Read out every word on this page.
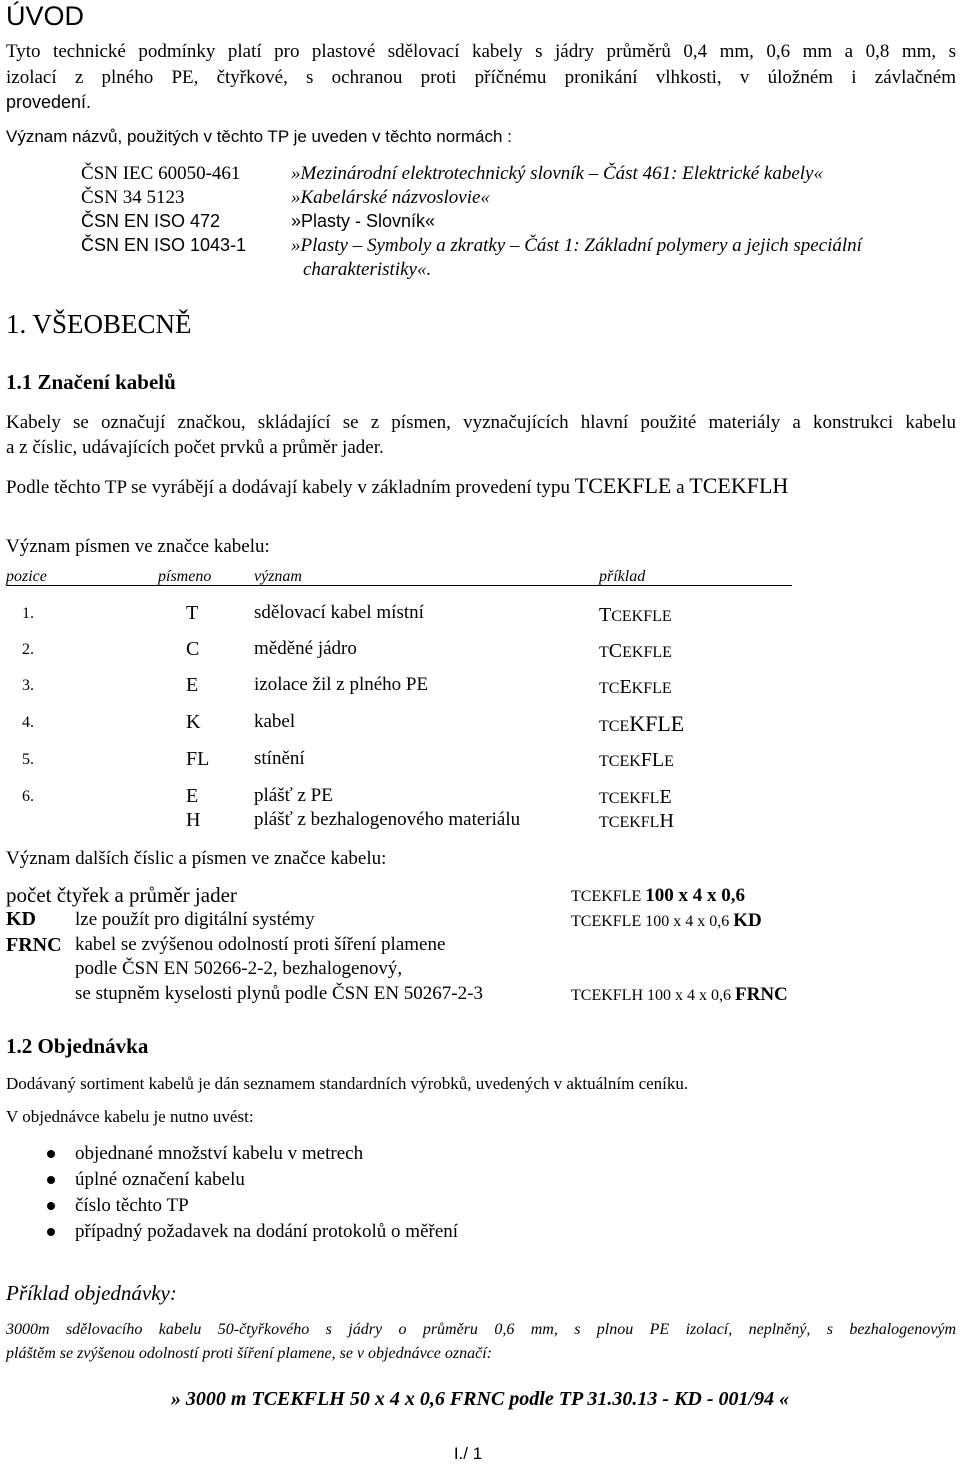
ÚVOD
Tyto technické podmínky platí pro plastové sdělovací kabely s jádry průměrů 0,4 mm, 0,6 mm a 0,8 mm, s
izolací z plného PE, čtyřkové, s ochranou proti příčnému pronikání vlhkosti, v úložném i závlačném
provedení.
Význam názvů, použitých v těchto TP je uveden v těchto normách :
ČSN IEC 60050-461	»Mezinárodní elektrotechnický slovník – Část 461: Elektrické kabely«
ČSN 34 5123	»Kabelárské názvoslovie«
ČSN EN ISO 472	»Plasty - Slovník«
ČSN EN ISO 1043-1 »Plasty – Symboly a zkratky – Část 1: Základní polymery a jejich speciální
charakteristiky«.
1. VŠEOBECNĚ
1.1 Značení kabelů
Kabely se označují značkou, skládající se z písmen, vyznačujících hlavní použité materiály a konstrukci kabelu
a z číslic, udávajících počet prvků a průměr jader.
Podle těchto TP se vyrábějí a dodávají kabely v základním provedení typu TCEKFLE a TCEKFLH
Význam písmen ve značce kabelu:
pozice	písmeno	význam	příklad
1.	T	sdělovací kabel místní	TCEKFLE
2.	C	měděné jádro	TCEKFLE
3.	E	izolace žil z plného PE	TCEKFLE
4.	K	kabel	TCEKFLE
5.	FL stínění	TCEKFLE
6.	E	plášť z PE	TCEKFLE
H	plášť z bezhalogenového materiálu	TCEKFLH
Význam dalších číslic a písmen ve značce kabelu:
počet čtyřek a průměr jader	TCEKFLE 100 x 4 x 0,6
KD lze použít pro digitální systémy	TCEKFLE 100 x 4 x 0,6 KD
FRNC kabel se zvýšenou odolností proti šíření plamene
podle ČSN EN 50266-2-2, bezhalogenový,
se stupněm kyselosti plynů podle ČSN EN 50267-2-3	TCEKFLH 100 x 4 x 0,6 FRNC
1.2 Objednávka
Dodávaný sortiment kabelů je dán seznamem standardních výrobků, uvedených v aktuálním ceníku.
V objednávce kabelu je nutno uvést:
objednané množství kabelu v metrech
úplné označení kabelu
číslo těchto TP
případný požadavek na dodání protokolů o měření
Příklad objednávky:
3000m sdělovacího kabelu 50-čtyřkového s jádry o průměru 0,6 mm, s plnou PE izolací, neplněný, s bezhalogenovým
pláštěm se zvýšenou odolností proti šíření plamene, se v objednávce označí:
» 3000 m TCEKFLH 50 x 4 x 0,6 FRNC podle TP 31.30.13 - KD - 001/94 «
I./ 1
